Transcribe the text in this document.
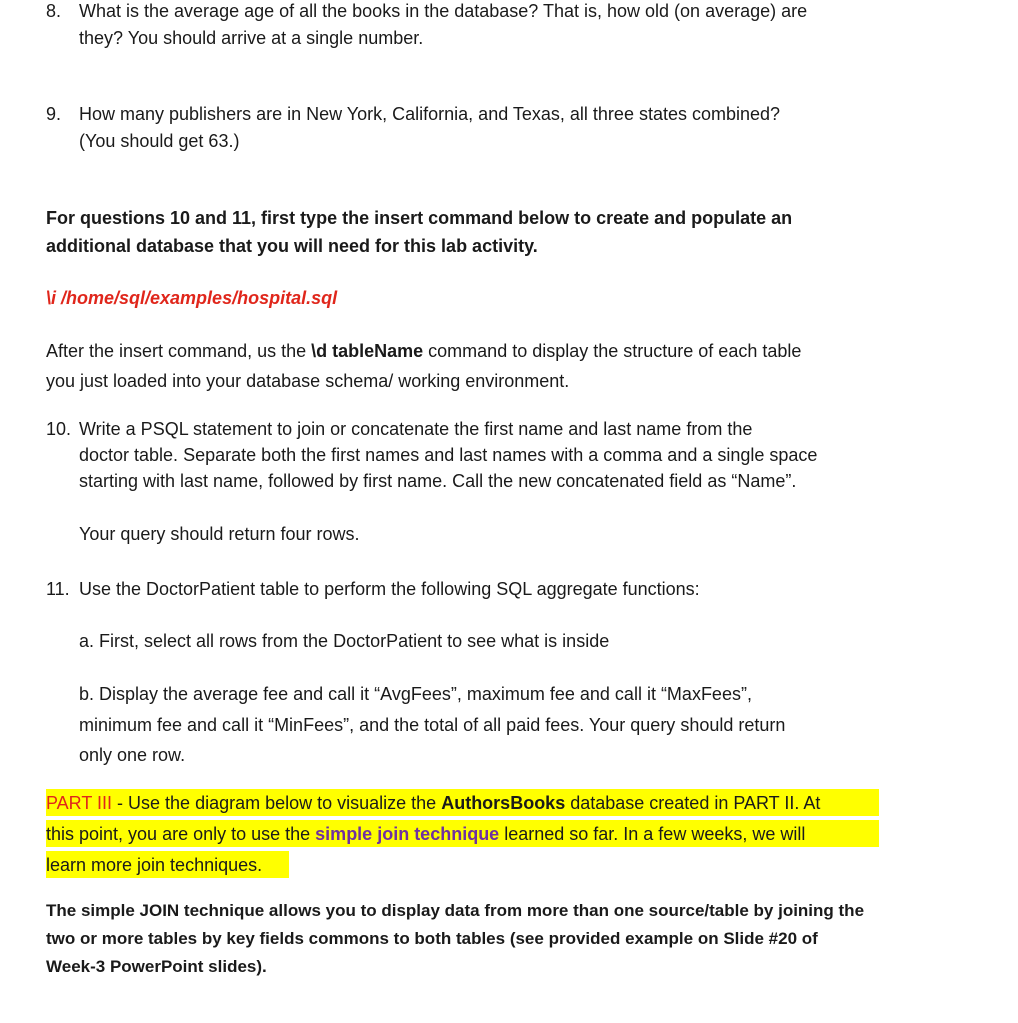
8. What is the average age of all the books in the database? That is, how old (on average) are
they? You should arrive at a single number.
9. How many publishers are in New York, California, and Texas, all three states combined?
(You should get 63.)
For questions 10 and 11, first type the insert command below to create and populate an
additional database that you will need for this lab activity.
\i /home/sql/examples/hospital.sql
After the insert command, us the \d tableName command to display the structure of each table
you just loaded into your database schema/ working environment.
10. Write a PSQL statement to join or concatenate the first name and last name from the
doctor table. Separate both the first names and last names with a comma and a single space
starting with last name, followed by first name. Call the new concatenated field as “Name”.
Your query should return four rows.
11. Use the DoctorPatient table to perform the following SQL aggregate functions:
a. First, select all rows from the DoctorPatient to see what is inside
b. Display the average fee and call it “AvgFees”, maximum fee and call it “MaxFees”,
minimum fee and call it “MinFees”, and the total of all paid fees. Your query should return
only one row.
PART III - Use the diagram below to visualize the AuthorsBooks database created in PART II. At
this point, you are only to use the simple join technique learned so far. In a few weeks, we will
learn more join techniques.
The simple JOIN technique allows you to display data from more than one source/table by joining the
two or more tables by key fields commons to both tables (see provided example on Slide #20 of
Week-3 PowerPoint slides).
